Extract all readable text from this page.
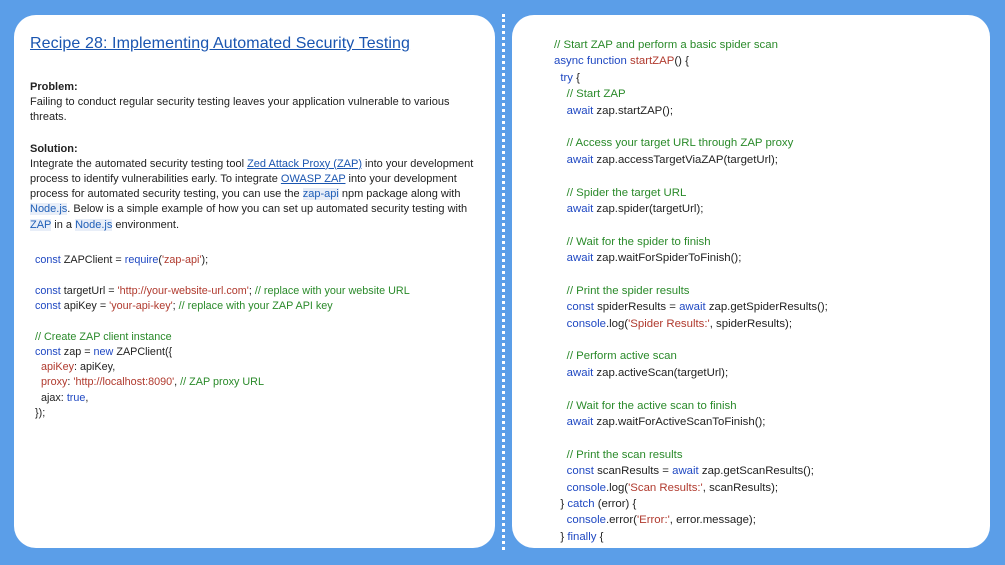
Recipe 28: Implementing Automated Security Testing

Problem:

Failing to conduct regular security testing leaves your application vulnerable to various threats.

Solution:

Integrate the automated security testing tool Zed Attack Proxy (ZAP) into your development process to identify vulnerabilities early. To integrate OWASP ZAP into your development process for automated security testing, you can use the zap-api npm package along with Node.js. Below is a simple example of how you can set up automated security testing with ZAP in a Node.js environment.

const ZAPClient = require('zap-api');
const targetUrl = 'http://your-website-url.com'; // replace with your website URL
const apiKey = 'your-api-key'; // replace with your ZAP API key
// Create ZAP client instance
const zap = new ZAPClient({
apiKey: apiKey,
proxy: 'http://localhost:8090', // ZAP proxy URL
ajax: true,
});
// Start ZAP and perform a basic spider scan
async function startZAP() {
try {
// Start ZAP
await zap.startZAP();
// Access your target URL through ZAP proxy
await zap.accessTargetViaZAP(targetUrl);
// Spider the target URL
await zap.spider(targetUrl);
// Wait for the spider to finish
await zap.waitForSpiderToFinish();
// Print the spider results
const spiderResults = await zap.getSpiderResults();
console.log('Spider Results:', spiderResults);
// Perform active scan
await zap.activeScan(targetUrl);
// Wait for the active scan to finish
await zap.waitForActiveScanToFinish();
// Print the scan results
const scanResults = await zap.getScanResults();
console.log('Scan Results:', scanResults);
} catch (error) {
console.error('Error:', error.message);
} finally {
